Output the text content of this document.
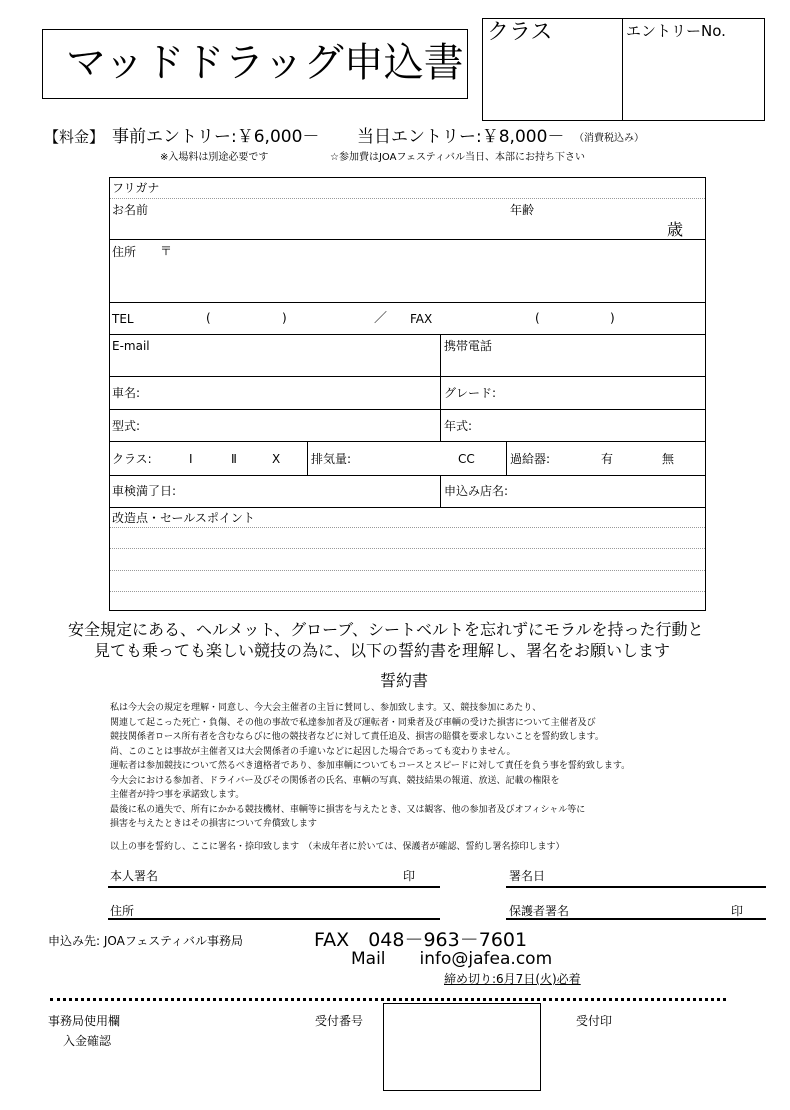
マッドドラッグ申込書
クラス	エントリーNo.
【料金】 事前エントリー:￥6,000－ 当日エントリー:￥8,000－ （消費税込み）
※入場料は別途必要です	☆参加費はJOAフェスティバル当日、本部にお持ち下さい
フリガナ
お名前	年齢
歳
住所 〒
TEL	(	)	／ FAX	(	)
E-mail	携帯電話
車名:	グレード:
型式:	年式:
クラス:	Ⅰ	Ⅱ	X	排気量:	CC	過給器:	有	無
車検満了日:	申込み店名:
改造点・セールスポイント
安全規定にある、ヘルメット、グローブ、シートベルトを忘れずにモラルを持った行動と
見ても乗っても楽しい競技の為に、以下の誓約書を理解し、署名をお願いします
誓約書
私は今大会の規定を理解・同意し、今大会主催者の主旨に賛同し、参加致します。又、競技参加にあたり、
関連して起こった死亡・負傷、その他の事故で私達参加者及び運転者・同乗者及び車輌の受けた損害について主催者及び
競技関係者ロース所有者を含むならびに他の競技者などに対して責任追及、損害の賠償を要求しないことを誓約致します。
尚、このことは事故が主催者又は大会関係者の手違いなどに起因した場合であっても変わりません。
運転者は参加競技について然るべき適格者であり、参加車輌についてもコースとスピードに対して責任を負う事を誓約致します。
今大会における参加者、ドライバー及びその関係者の氏名、車輌の写真、競技結果の報道、放送、記載の権限を
主催者が持つ事を承諾致します。
最後に私の過失で、所有にかかる競技機材、車輌等に損害を与えたとき、又は観客、他の参加者及びオフィシャル等に
損害を与えたときはその損害について弁償致します
以上の事を誓約し、ここに署名・捺印致します　（未成年者に於いては、保護者が確認、誓約し署名捺印します）
本人署名	印	署名日
住所	保護者署名	印
申込み先: JOAフェスティバル事務局	FAX　048－963－7601
Mail　　info@jafea.com
締め切り:6月7日(火)必着
事務局使用欄
入金確認
受付番号	受付印
